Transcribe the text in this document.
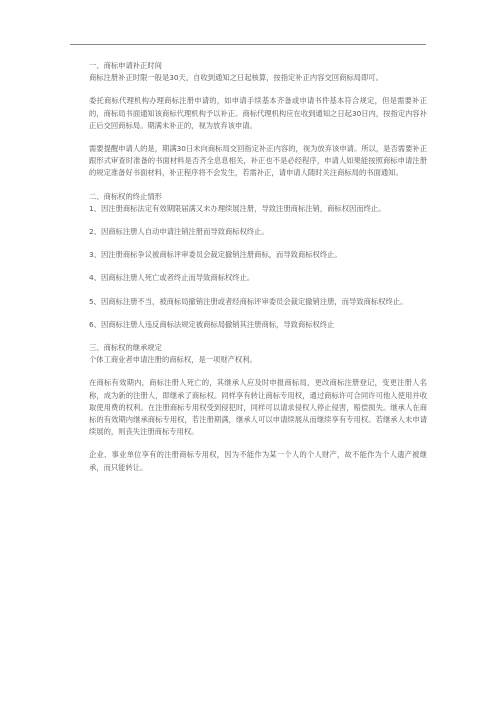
一、商标申请补正时间

商标注册补正时限一般是30天，自收到通知之日起核算，按指定补正内容交回商标局即可。

委托商标代理机构办理商标注册申请的，如申请手续基本齐备或申请书件基本符合规定，但是需要补正的，商标局书面通知该商标代理机构予以补正。商标代理机构应在收到通知之日起30日内，按指定内容补正后交回商标局。期满未补正的，视为放弃该申请。

需要提醒申请人的是，期满30日未向商标局交回指定补正内容的，视为放弃该申请。所以，是否需要补正跟形式审查时准备的书面材料是否齐全息息相关，补正也不是必经程序，申请人如果能按照商标申请注册的规定准备好书面材料，补正程序将不会发生，若需补正，请申请人随时关注商标局的书面通知。

二、商标权的终止情形

1、因注册商标法定有效期限届满又未办理续展注册，导致注册商标注销，商标权因而终止。

2、因商标注册人自动申请注销注册而导致商标权终止。

3、因注册商标争议被商标评审委员会裁定撤销注册商标，而导致商标权终止。

4、因商标注册人死亡或者终止而导致商标权终止。

5、因商标注册不当，被商标局撤销注册或者经商标评审委员会裁定撤销注册，而导致商标权终止。

6、因商标注册人违反商标法规定被商标局撤销其注册商标，导致商标权终止

三、商标权的继承规定

个体工商业者申请注册的商标权，是一项财产权利。

在商标有效期内，商标注册人死亡的，其继承人应及时申报商标局，更改商标注册登记，变更注册人名称，成为新的注册人，即继承了商标权。同样享有转让商标专用权，通过商标许可合同许可他人使用并收取使用费的权利。在注册商标专用权受到侵犯时，同样可以请求侵权人停止侵害，赔偿损失。继承人在商标的有效期内继承商标专用权，若注册期满，继承人可以申请续展从而继续享有专用权。若继承人未申请续展的，则丧失注册商标专用权。

企业、事业单位享有的注册商标专用权，因为不能作为某一个人的个人财产，故不能作为个人遗产被继承，而只能转让。
